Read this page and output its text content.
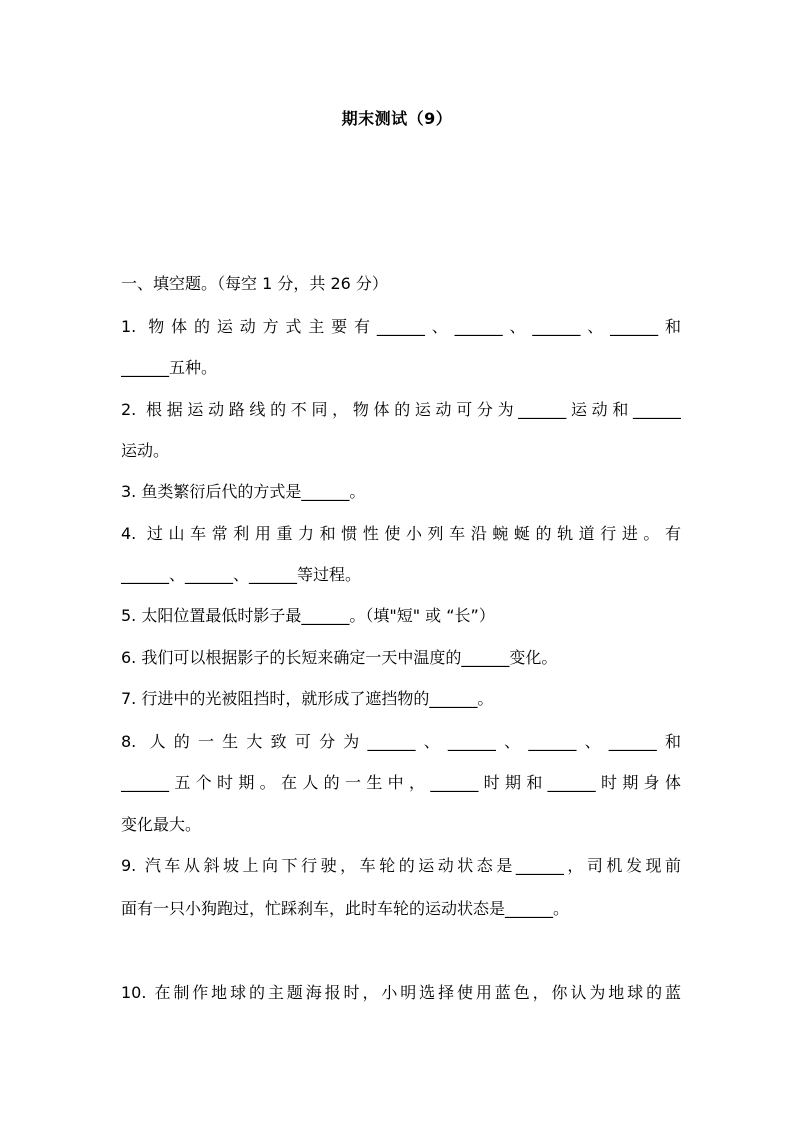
期末测试（9）
一、填空题。（每空 1 分，共 26 分）
1. 物体的运动方式主要有______、______、______、______和
______五种。
2. 根据运动路线的不同，物体的运动可分为______运动和______
运动。
3. 鱼类繁衍后代的方式是______。
4. 过山车常利用重力和惯性使小列车沿蜿蜒的轨道行进。有
______、______、______等过程。
5. 太阳位置最低时影子最______。（填"短" 或 “长”）
6. 我们可以根据影子的长短来确定一天中温度的______变化。
7. 行进中的光被阻挡时，就形成了遮挡物的______。
8. 人的一生大致可分为______、______、______、______和
______五个时期。在人的一生中，______时期和______时期身体
变化最大。
9. 汽车从斜坡上向下行驶，车轮的运动状态是______，司机发现前
面有一只小狗跑过，忙踩刹车，此时车轮的运动状态是______。
10. 在制作地球的主题海报时，小明选择使用蓝色，你认为地球的蓝
